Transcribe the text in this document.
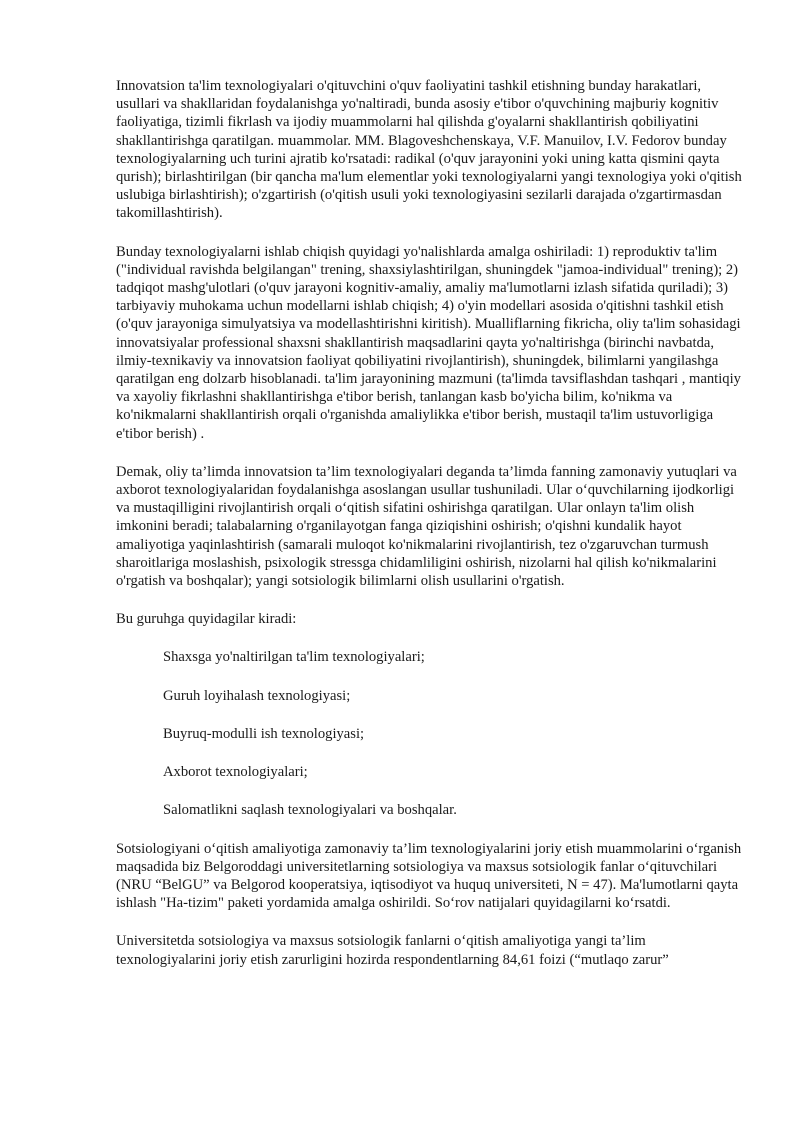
Innovatsion ta'lim texnologiyalari o'qituvchini o'quv faoliyatini tashkil etishning bunday harakatlari, usullari va shakllaridan foydalanishga yo'naltiradi, bunda asosiy e'tibor o'quvchining majburiy kognitiv faoliyatiga, tizimli fikrlash va ijodiy muammolarni hal qilishda g'oyalarni shakllantirish qobiliyatini shakllantirishga qaratilgan. muammolar. MM. Blagoveshchenskaya, V.F. Manuilov, I.V. Fedorov bunday texnologiyalarning uch turini ajratib ko'rsatadi: radikal (o'quv jarayonini yoki uning katta qismini qayta qurish); birlashtirilgan (bir qancha ma'lum elementlar yoki texnologiyalarni yangi texnologiya yoki o'qitish uslubiga birlashtirish); o'zgartirish (o'qitish usuli yoki texnologiyasini sezilarli darajada o'zgartirmasdan takomillashtirish).

Bunday texnologiyalarni ishlab chiqish quyidagi yo'nalishlarda amalga oshiriladi: 1) reproduktiv ta'lim ("individual ravishda belgilangan" trening, shaxsiylashtirilgan, shuningdek "jamoa-individual" trening); 2) tadqiqot mashg'ulotlari (o'quv jarayoni kognitiv-amaliy, amaliy ma'lumotlarni izlash sifatida quriladi); 3) tarbiyaviy muhokama uchun modellarni ishlab chiqish; 4) o'yin modellari asosida o'qitishni tashkil etish (o'quv jarayoniga simulyatsiya va modellashtirishni kiritish). Mualliflarning fikricha, oliy ta'lim sohasidagi innovatsiyalar professional shaxsni shakllantirish maqsadlarini qayta yo'naltirishga (birinchi navbatda, ilmiy-texnikaviy va innovatsion faoliyat qobiliyatini rivojlantirish), shuningdek, bilimlarni yangilashga qaratilgan eng dolzarb hisoblanadi. ta'lim jarayonining mazmuni (ta'limda tavsiflashdan tashqari , mantiqiy va xayoliy fikrlashni shakllantirishga e'tibor berish, tanlangan kasb bo'yicha bilim, ko'nikma va ko'nikmalarni shakllantirish orqali o'rganishda amaliylikka e'tibor berish, mustaqil ta'lim ustuvorligiga e'tibor berish) .

Demak, oliy ta’limda innovatsion ta’lim texnologiyalari deganda ta’limda fanning zamonaviy yutuqlari va axborot texnologiyalaridan foydalanishga asoslangan usullar tushuniladi. Ular o‘quvchilarning ijodkorligi va mustaqilligini rivojlantirish orqali o‘qitish sifatini oshirishga qaratilgan. Ular onlayn ta'lim olish imkonini beradi; talabalarning o'rganilayotgan fanga qiziqishini oshirish; o'qishni kundalik hayot amaliyotiga yaqinlashtirish (samarali muloqot ko'nikmalarini rivojlantirish, tez o'zgaruvchan turmush sharoitlariga moslashish, psixologik stressga chidamliligini oshirish, nizolarni hal qilish ko'nikmalarini o'rgatish va boshqalar); yangi sotsiologik bilimlarni olish usullarini o'rgatish.

Bu guruhga quyidagilar kiradi:

Shaxsga yo'naltirilgan ta'lim texnologiyalari;
Guruh loyihalash texnologiyasi;
Buyruq-modulli ish texnologiyasi;
Axborot texnologiyalari;
Salomatlikni saqlash texnologiyalari va boshqalar.

Sotsiologiyani o‘qitish amaliyotiga zamonaviy ta’lim texnologiyalarini joriy etish muammolarini o‘rganish maqsadida biz Belgoroddagi universitetlarning sotsiologiya va maxsus sotsiologik fanlar o‘qituvchilari (NRU “BelGU” va Belgorod kooperatsiya, iqtisodiyot va huquq universiteti, N = 47). Ma'lumotlarni qayta ishlash "Ha-tizim" paketi yordamida amalga oshirildi. So‘rov natijalari quyidagilarni ko‘rsatdi.

Universitetda sotsiologiya va maxsus sotsiologik fanlarni o‘qitish amaliyotiga yangi ta’lim texnologiyalarini joriy etish zarurligini hozirda respondentlarning 84,61 foizi (“mutlaqo zarur”
